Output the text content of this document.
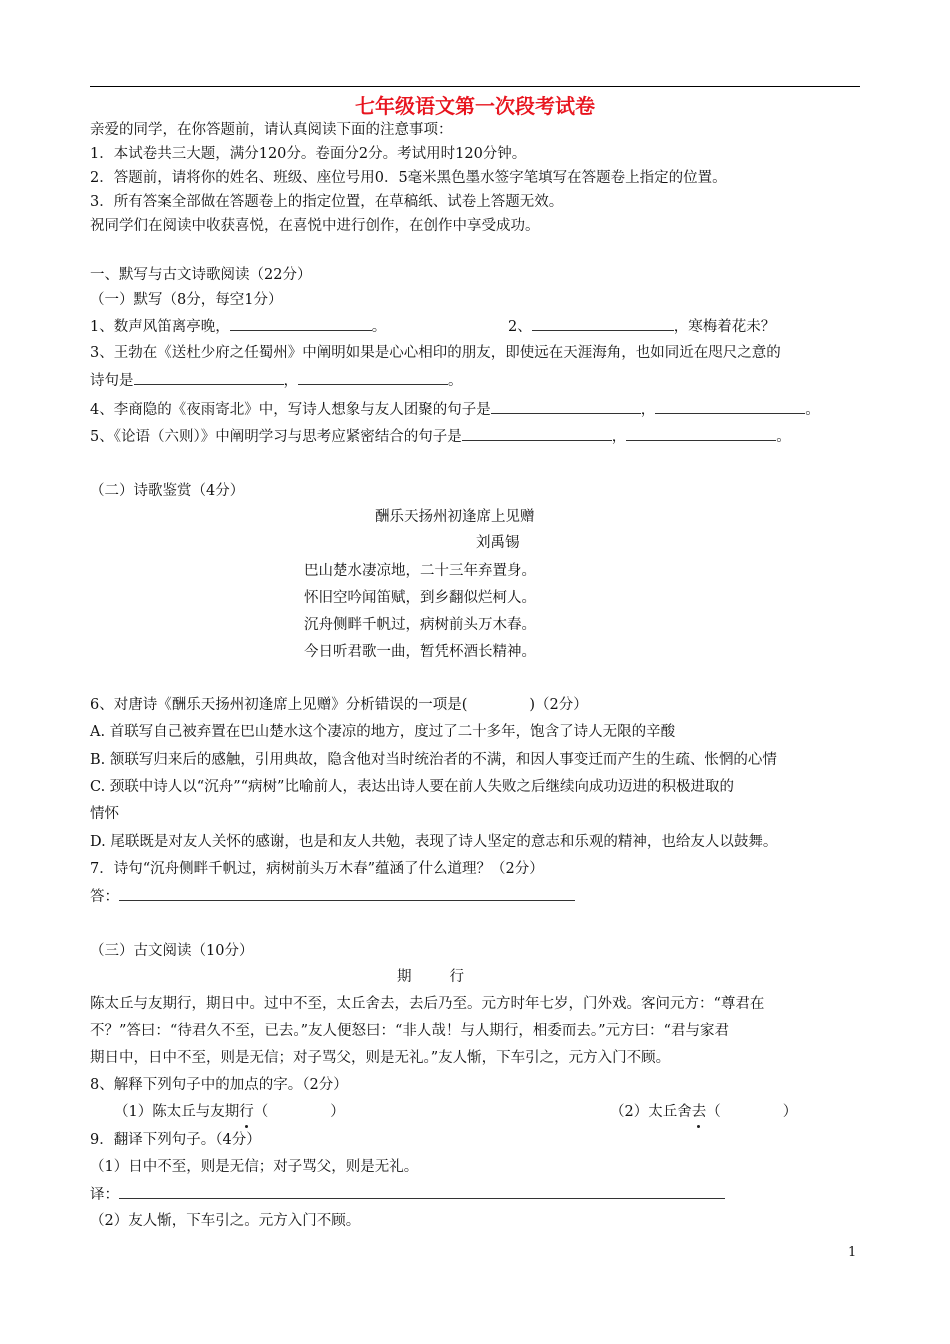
七年级语文第一次段考试卷
亲爱的同学，在你答题前，请认真阅读下面的注意事项：
1．本试卷共三大题，满分120分。卷面分2分。考试用时120分钟。
2．答题前，请将你的姓名、班级、座位号用0．5毫米黑色墨水签字笔填写在答题卷上指定的位置。
3．所有答案全部做在答题卷上的指定位置，在草稿纸、试卷上答题无效。
祝同学们在阅读中收获喜悦，在喜悦中进行创作，在创作中享受成功。
一、默写与古文诗歌阅读（22分）
（一）默写（8分，每空1分）
1、数声风笛离亭晚，	。	2、	，寒梅着花未？
3、王勃在《送杜少府之任蜀州》中阐明如果是心心相印的朋友，即使远在天涯海角，也如同近在咫尺之意的
诗句是	，	。
4、李商隐的《夜雨寄北》中，写诗人想象与友人团聚的句子是	，	。
5、《论语（六则）》中阐明学习与思考应紧密结合的句子是	，	。
（二）诗歌鉴赏（4分）
酬乐天扬州初逢席上见赠
刘禹锡
巴山楚水凄凉地，二十三年弃置身。
怀旧空吟闻笛赋，到乡翻似烂柯人。
沉舟侧畔千帆过，病树前头万木春。
今日听君歌一曲，暂凭杯酒长精神。
6、对唐诗《酬乐天扬州初逢席上见赠》分析错误的一项是(	)（2分）
A. 首联写自己被弃置在巴山楚水这个凄凉的地方，度过了二十多年，饱含了诗人无限的辛酸
B. 颔联写归来后的感触，引用典故，隐含他对当时统治者的不满，和因人事变迁而产生的生疏、怅惘的心情
C. 颈联中诗人以“沉舟”“病树”比喻前人，表达出诗人要在前人失败之后继续向成功迈进的积极进取的
情怀
D. 尾联既是对友人关怀的感谢，也是和友人共勉，表现了诗人坚定的意志和乐观的精神，也给友人以鼓舞。
7．诗句“沉舟侧畔千帆过，病树前头万木春”蕴涵了什么道理？（2分）
答：
（三）古文阅读（10分）
期	行
陈太丘与友期行，期日中。过中不至，太丘舍去，去后乃至。元方时年七岁，门外戏。客问元方：“尊君在
不？”答曰：“待君久不至，已去。”友人便怒曰：“非人哉！与人期行，相委而去。”元方曰：“君与家君
期日中，日中不至，则是无信；对子骂父，则是无礼。”友人惭，下车引之，元方入门不顾。
8、解释下列句子中的加点的字。（2分）
（1）陈太丘与友期行（	）	（2）太丘舍去（	）
9．翻译下列句子。（4分）
（1）日中不至，则是无信；对子骂父，则是无礼。
译：
（2）友人惭，下车引之。元方入门不顾。
1
